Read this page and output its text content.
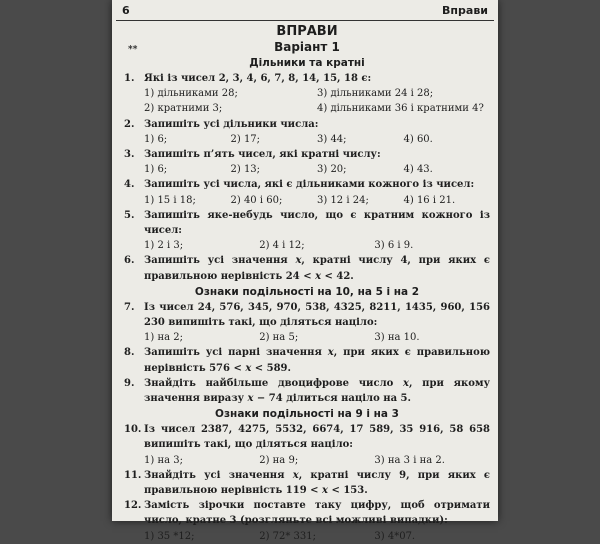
6	Вправи
**
ВПРАВИ
Варіант 1
Дільники та кратні
1. Які із чисел 2, 3, 4, 6, 7, 8, 14, 15, 18 є:
1) дільниками 28;	3) дільниками 24 і 28;
2) кратними 3;	4) дільниками 36 і кратними 4?
2. Запишіть усі дільники числа:
1) 6;	2) 17;	3) 44;	4) 60.
3. Запишіть п’ять чисел, які кратні числу:
1) 6;	2) 13;	3) 20;	4) 43.
4. Запишіть усі числа, які є дільниками кожного із чисел:
1) 15 і 18;	2) 40 і 60;	3) 12 і 24;	4) 16 і 21.
5. Запишіть яке-небудь число, що є кратним кожного із чисел:
1) 2 і 3;	2) 4 і 12;	3) 6 і 9.
6. Запишіть усі значення x, кратні числу 4, при яких є правильною нерівність 24 < x < 42.
Ознаки подільності на 10, на 5 і на 2
7. Із чисел 24, 576, 345, 970, 538, 4325, 8211, 1435, 960, 156 230 випишіть такі, що діляться націло:
1) на 2;	2) на 5;	3) на 10.
8. Запишіть усі парні значення x, при яких є правильною нерівність 576 < x < 589.
9. Знайдіть найбільше двоцифрове число x, при якому значення виразу x − 74 ділиться націло на 5.
Ознаки подільності на 9 і на 3
10. Із чисел 2387, 4275, 5532, 6674, 17 589, 35 916, 58 658 випишіть такі, що діляться націло:
1) на 3;	2) на 9;	3) на 3 і на 2.
11. Знайдіть усі значення x, кратні числу 9, при яких є правильною нерівність 119 < x < 153.
12. Замість зірочки поставте таку цифру, щоб отримати число, кратне 3 (розгляньте всі можливі випадки):
1) 35 *12;	2) 72* 331;	3) 4*07.
